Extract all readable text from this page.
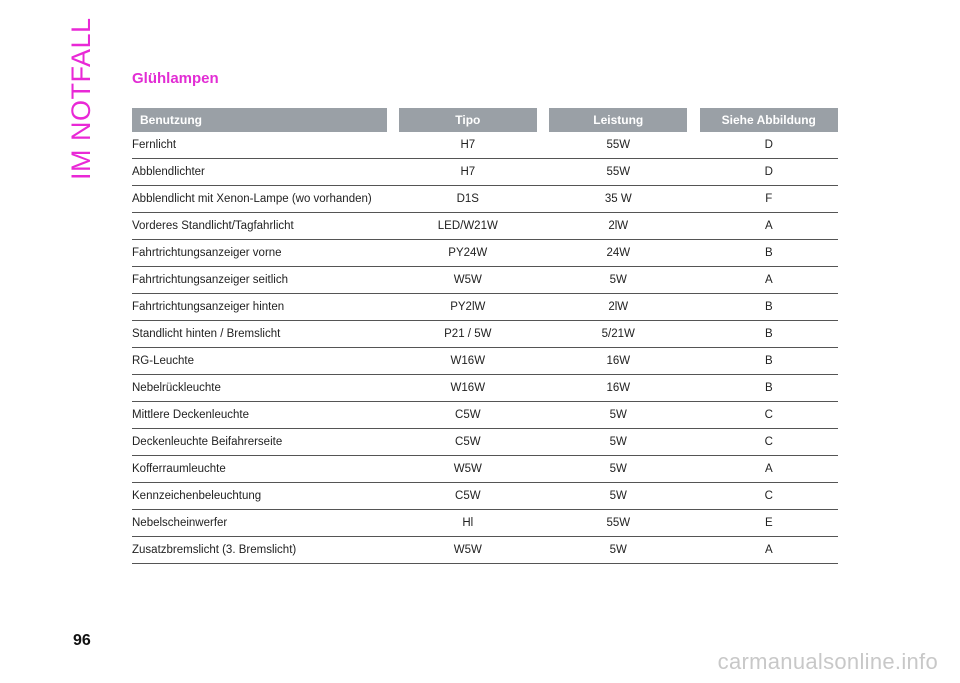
IM NOTFALL	Glühlampen
Benutzung		Tipo		Leistung		Siehe Abbildung
Fernlicht		H7		55W		D
Abblendlichter		H7		55W		D
Abblendlicht mit Xenon-Lampe (wo vorhanden)		D1S		35 W		F
Vorderes Standlicht/Tagfahrlicht		LED/W21W		2lW		A
Fahrtrichtungsanzeiger vorne		PY24W		24W		B
Fahrtrichtungsanzeiger seitlich		W5W		5W		A
Fahrtrichtungsanzeiger hinten		PY2lW		2lW		B
Standlicht hinten / Bremslicht		P21 / 5W		5/21W		B
RG-Leuchte		W16W		16W		B
Nebelrückleuchte		W16W		16W		B
Mittlere Deckenleuchte		C5W		5W		C
Deckenleuchte Beifahrerseite		C5W		5W		C
Kofferraumleuchte		W5W		5W		A
Kennzeichenbeleuchtung		C5W		5W		C
Nebelscheinwerfer		Hl		55W		E
Zusatzbremslicht (3. Bremslicht)		W5W		5W		A
96
carmanualsonline.info
